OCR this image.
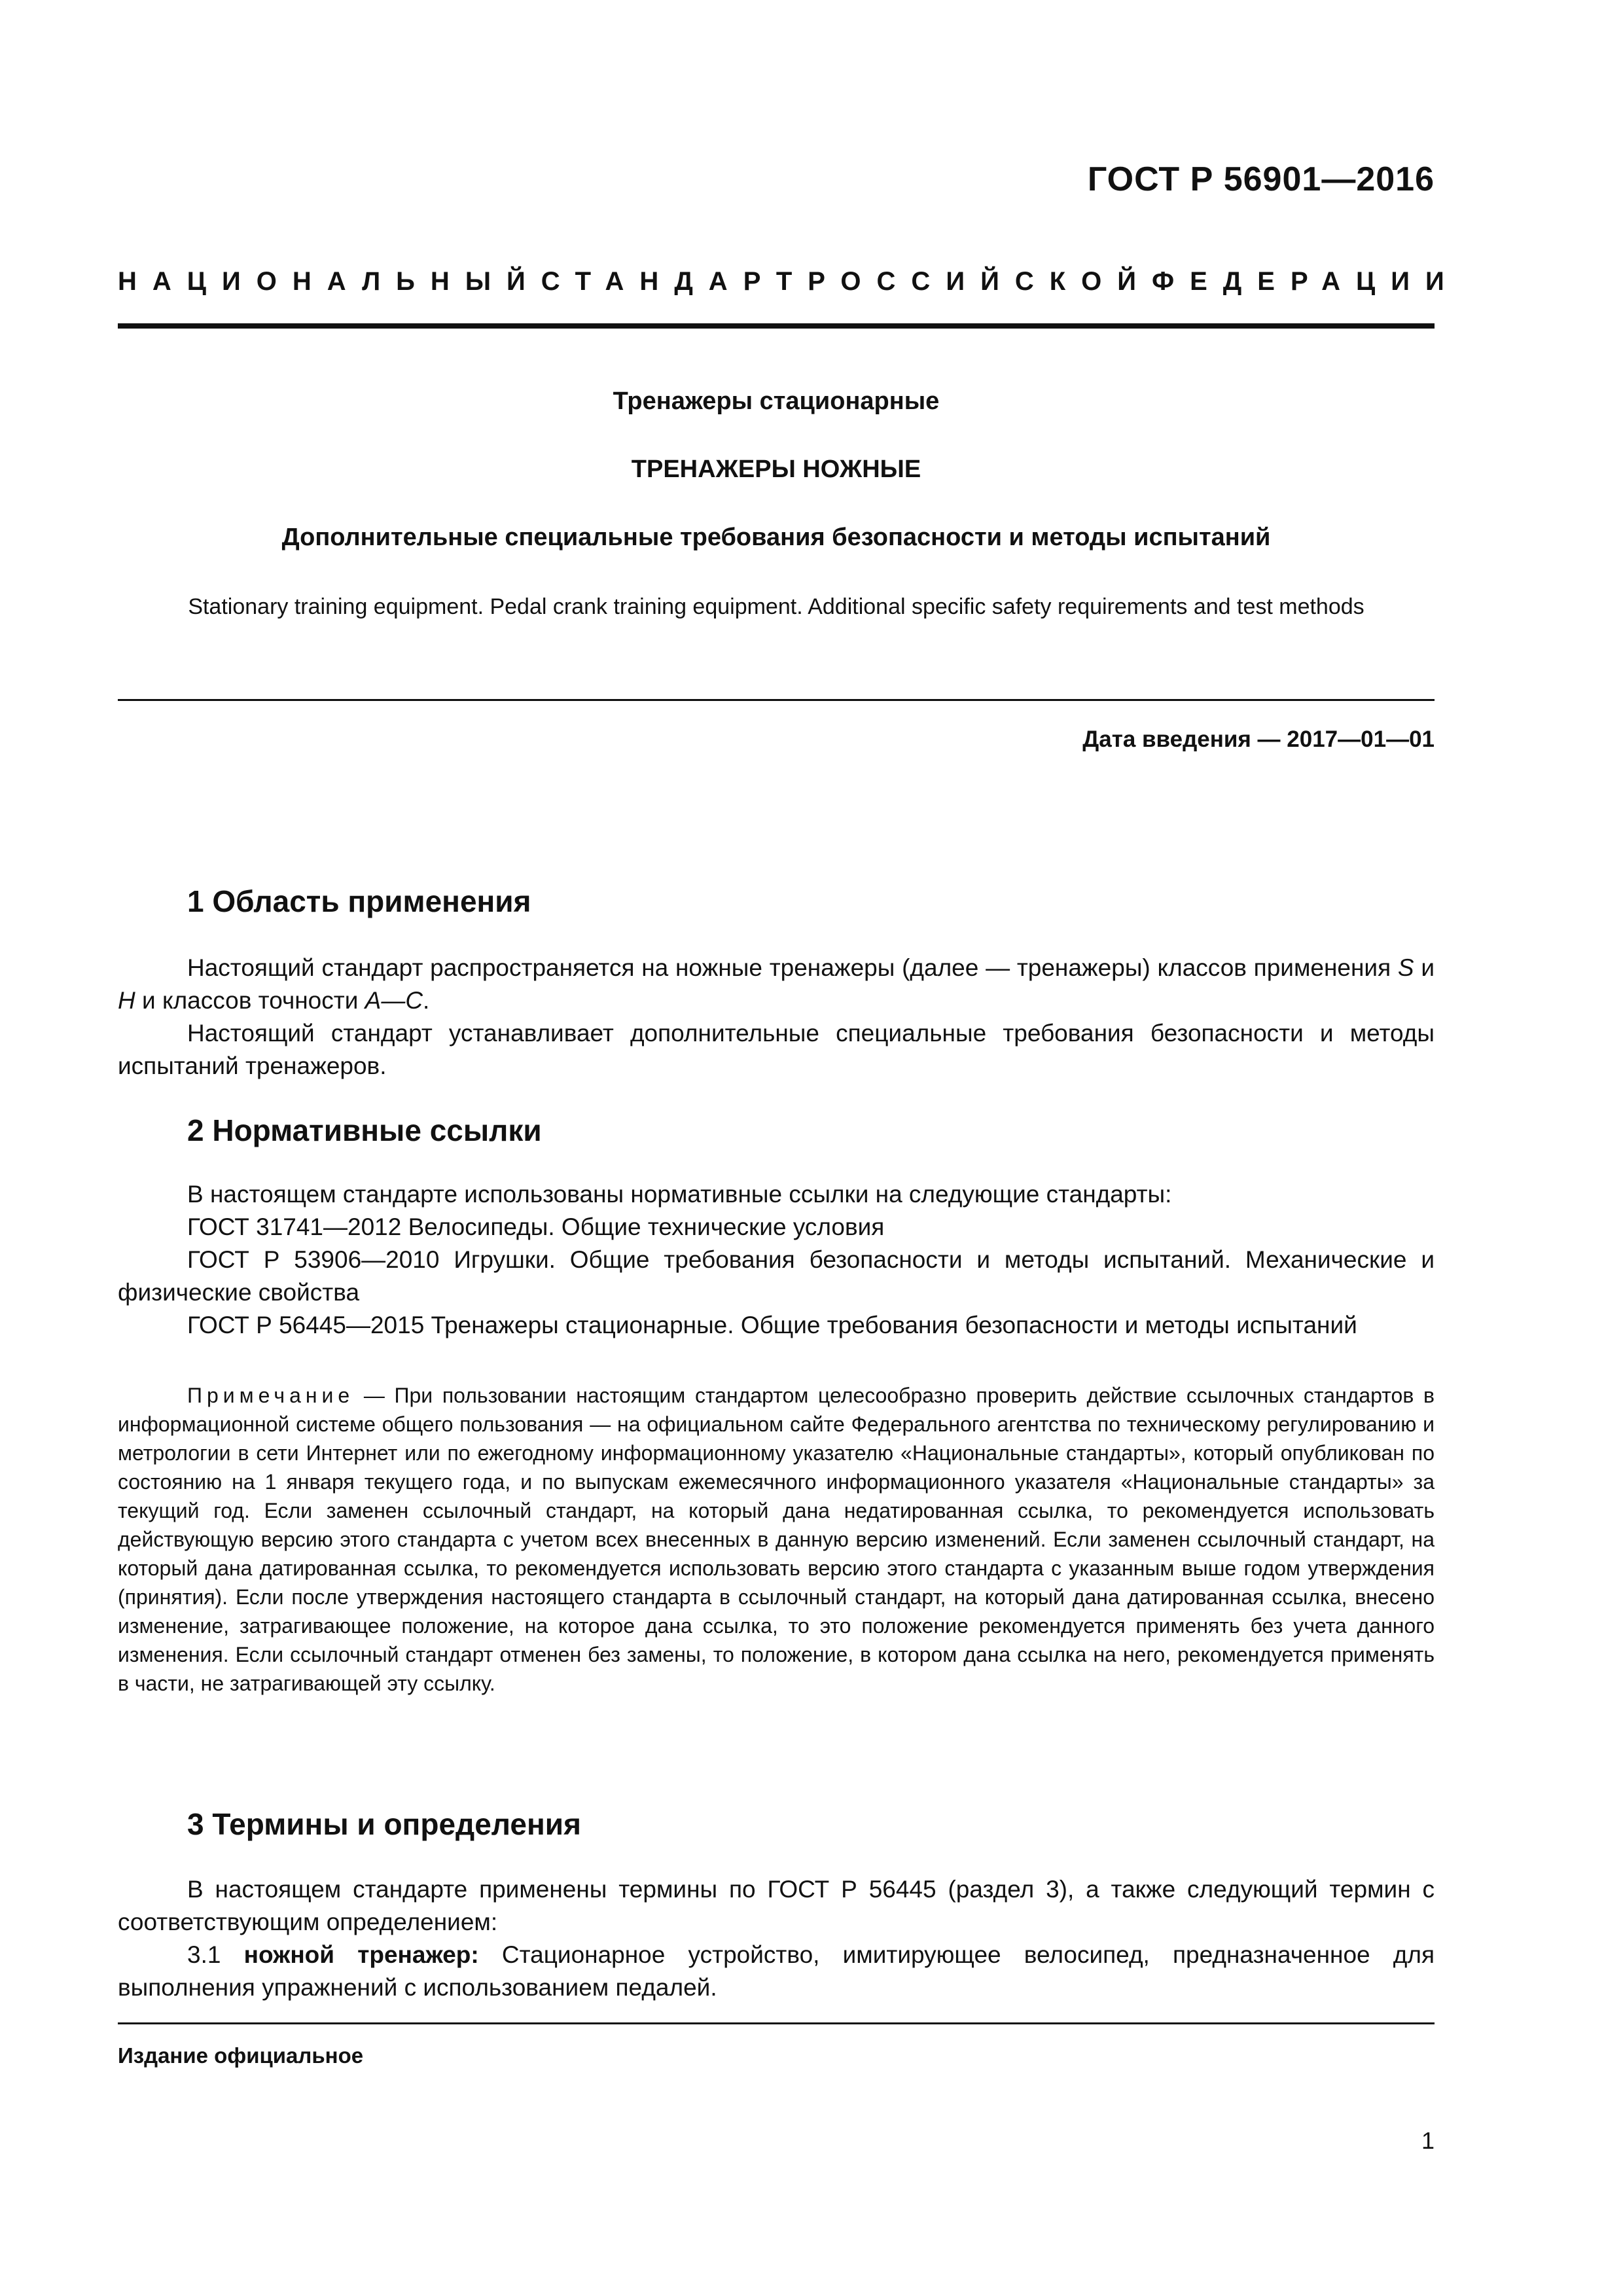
ГОСТ Р 56901—2016
НАЦИОНАЛЬНЫЙ СТАНДАРТ РОССИЙСКОЙ ФЕДЕРАЦИИ
Тренажеры стационарные
ТРЕНАЖЕРЫ НОЖНЫЕ
Дополнительные специальные требования безопасности и методы испытаний
Stationary training equipment. Pedal crank training equipment. Additional specific safety requirements and test methods
Дата введения — 2017—01—01
1 Область применения

Настоящий стандарт распространяется на ножные тренажеры (далее — тренажеры) классов применения S и H и классов точности А—С.

Настоящий стандарт устанавливает дополнительные специальные требования безопасности и методы испытаний тренажеров.

2 Нормативные ссылки

В настоящем стандарте использованы нормативные ссылки на следующие стандарты:

ГОСТ 31741—2012 Велосипеды. Общие технические условия

ГОСТ Р 53906—2010 Игрушки. Общие требования безопасности и методы испытаний. Механические и физические свойства

ГОСТ Р 56445—2015 Тренажеры стационарные. Общие требования безопасности и методы испытаний

Примечание — При пользовании настоящим стандартом целесообразно проверить действие ссылочных стандартов в информационной системе общего пользования — на официальном сайте Федерального агентства по техническому регулированию и метрологии в сети Интернет или по ежегодному информационному указателю «Национальные стандарты», который опубликован по состоянию на 1 января текущего года, и по выпускам ежемесячного информационного указателя «Национальные стандарты» за текущий год. Если заменен ссылочный стандарт, на который дана недатированная ссылка, то рекомендуется использовать действующую версию этого стандарта с учетом всех внесенных в данную версию изменений. Если заменен ссылочный стандарт, на который дана датированная ссылка, то рекомендуется использовать версию этого стандарта с указанным выше годом утверждения (принятия). Если после утверждения настоящего стандарта в ссылочный стандарт, на который дана датированная ссылка, внесено изменение, затрагивающее положение, на которое дана ссылка, то это положение рекомендуется применять без учета данного изменения. Если ссылочный стандарт отменен без замены, то положение, в котором дана ссылка на него, рекомендуется применять в части, не затрагивающей эту ссылку.

3 Термины и определения

В настоящем стандарте применены термины по ГОСТ Р 56445 (раздел 3), а также следующий термин с соответствующим определением:

3.1 ножной тренажер: Стационарное устройство, имитирующее велосипед, предназначенное для выполнения упражнений с использованием педалей.

Издание официальное
1
